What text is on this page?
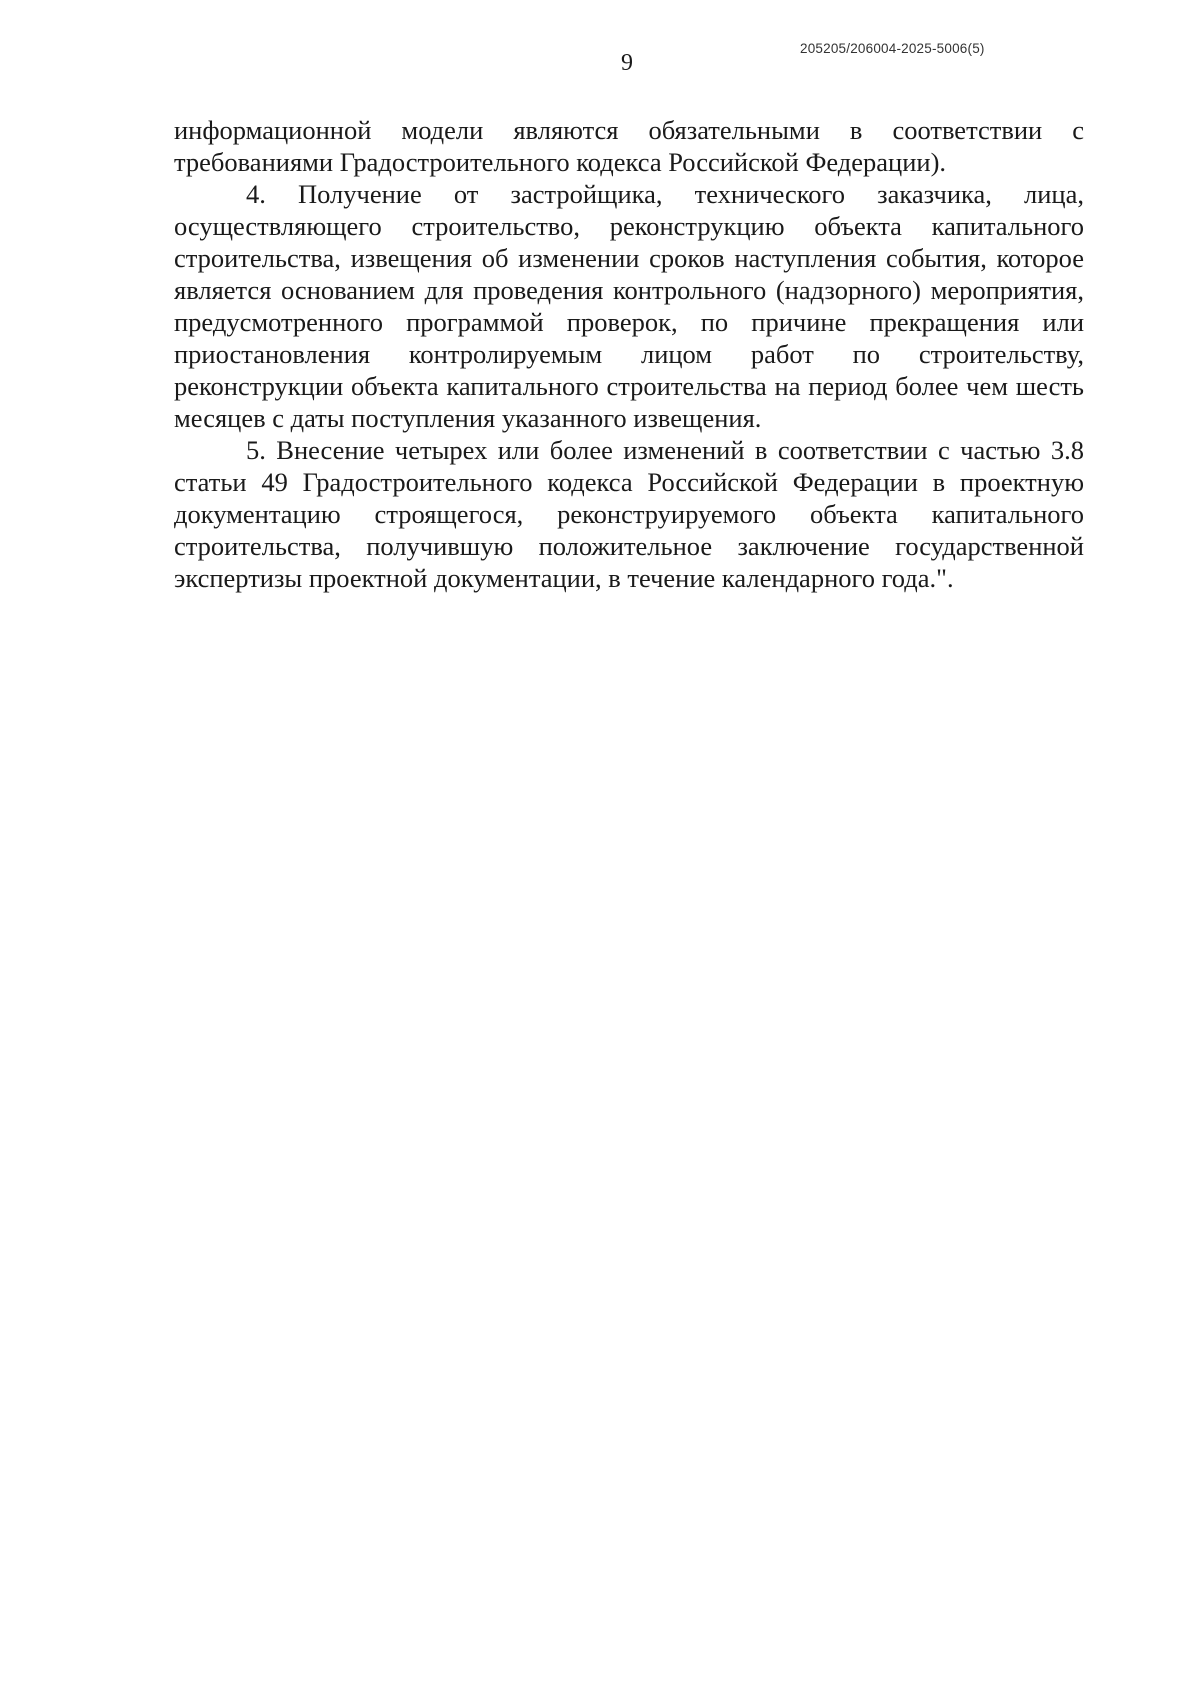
9
205205/206004-2025-5006(5)

информационной модели являются обязательными в соответствии с требованиями Градостроительного кодекса Российской Федерации).

4. Получение от застройщика, технического заказчика, лица, осуществляющего строительство, реконструкцию объекта капитального строительства, извещения об изменении сроков наступления события, которое является основанием для проведения контрольного (надзорного) мероприятия, предусмотренного программой проверок, по причине прекращения или приостановления контролируемым лицом работ по строительству, реконструкции объекта капитального строительства на период более чем шесть месяцев с даты поступления указанного извещения.

5. Внесение четырех или более изменений в соответствии с частью 3.8 статьи 49 Градостроительного кодекса Российской Федерации в проектную документацию строящегося, реконструируемого объекта капитального строительства, получившую положительное заключение государственной экспертизы проектной документации, в течение календарного года.".
